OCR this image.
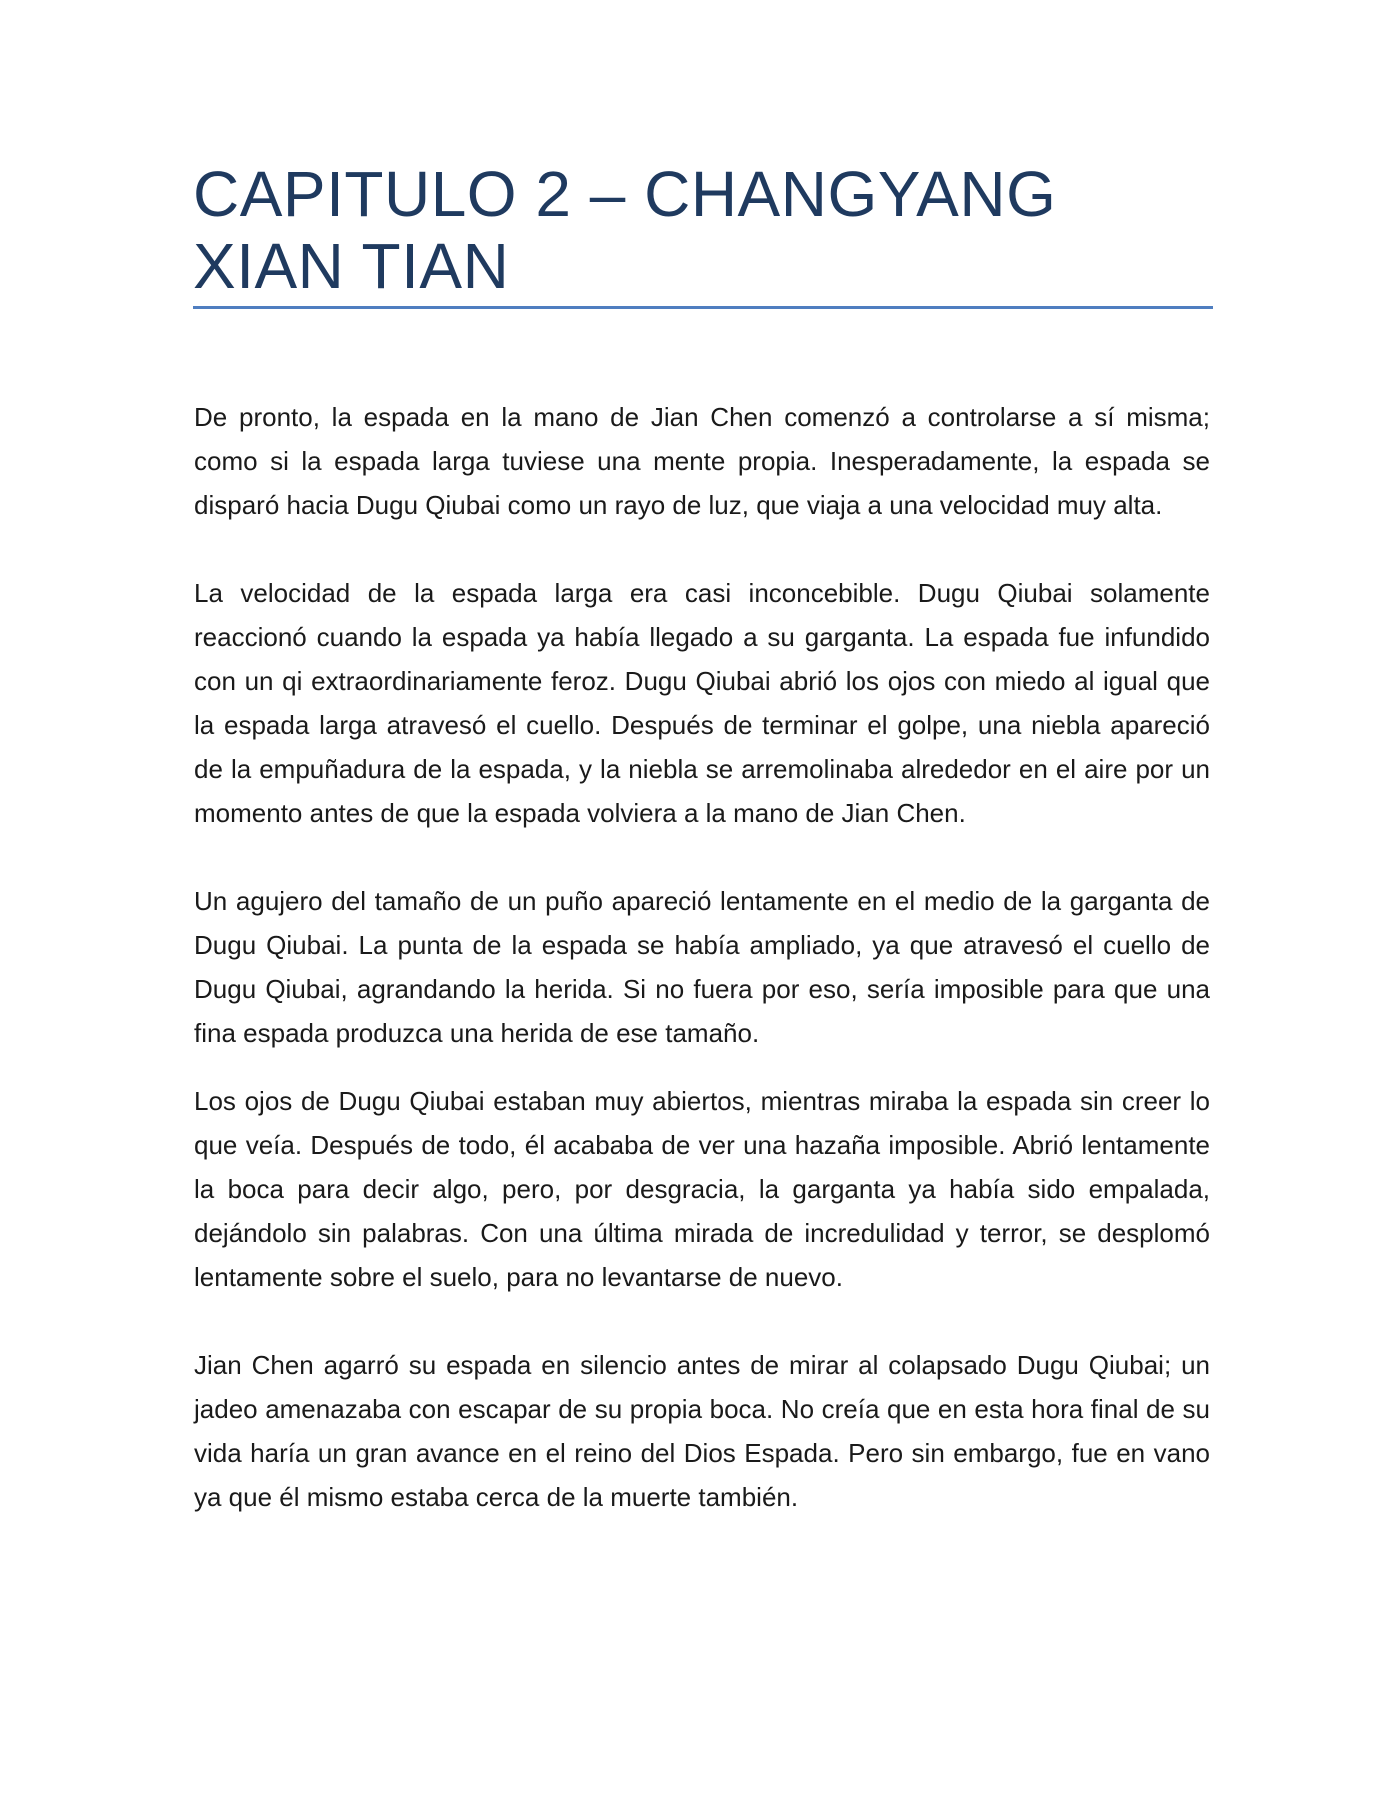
CAPITULO 2 – CHANGYANG XIAN TIAN

De pronto, la espada en la mano de Jian Chen comenzó a controlarse a sí misma; como si la espada larga tuviese una mente propia. Inesperadamente, la espada se disparó hacia Dugu Qiubai como un rayo de luz, que viaja a una velocidad muy alta.

La velocidad de la espada larga era casi inconcebible. Dugu Qiubai solamente reaccionó cuando la espada ya había llegado a su garganta. La espada fue infundido con un qi extraordinariamente feroz. Dugu Qiubai abrió los ojos con miedo al igual que la espada larga atravesó el cuello. Después de terminar el golpe, una niebla apareció de la empuñadura de la espada, y la niebla se arremolinaba alrededor en el aire por un momento antes de que la espada volviera a la mano de Jian Chen.

Un agujero del tamaño de un puño apareció lentamente en el medio de la garganta de Dugu Qiubai. La punta de la espada se había ampliado, ya que atravesó el cuello de Dugu Qiubai, agrandando la herida. Si no fuera por eso, sería imposible para que una fina espada produzca una herida de ese tamaño.

Los ojos de Dugu Qiubai estaban muy abiertos, mientras miraba la espada sin creer lo que veía. Después de todo, él acababa de ver una hazaña imposible. Abrió lentamente la boca para decir algo, pero, por desgracia, la garganta ya había sido empalada, dejándolo sin palabras. Con una última mirada de incredulidad y terror, se desplomó lentamente sobre el suelo, para no levantarse de nuevo.

Jian Chen agarró su espada en silencio antes de mirar al colapsado Dugu Qiubai; un jadeo amenazaba con escapar de su propia boca. No creía que en esta hora final de su vida haría un gran avance en el reino del Dios Espada. Pero sin embargo, fue en vano ya que él mismo estaba cerca de la muerte también.
